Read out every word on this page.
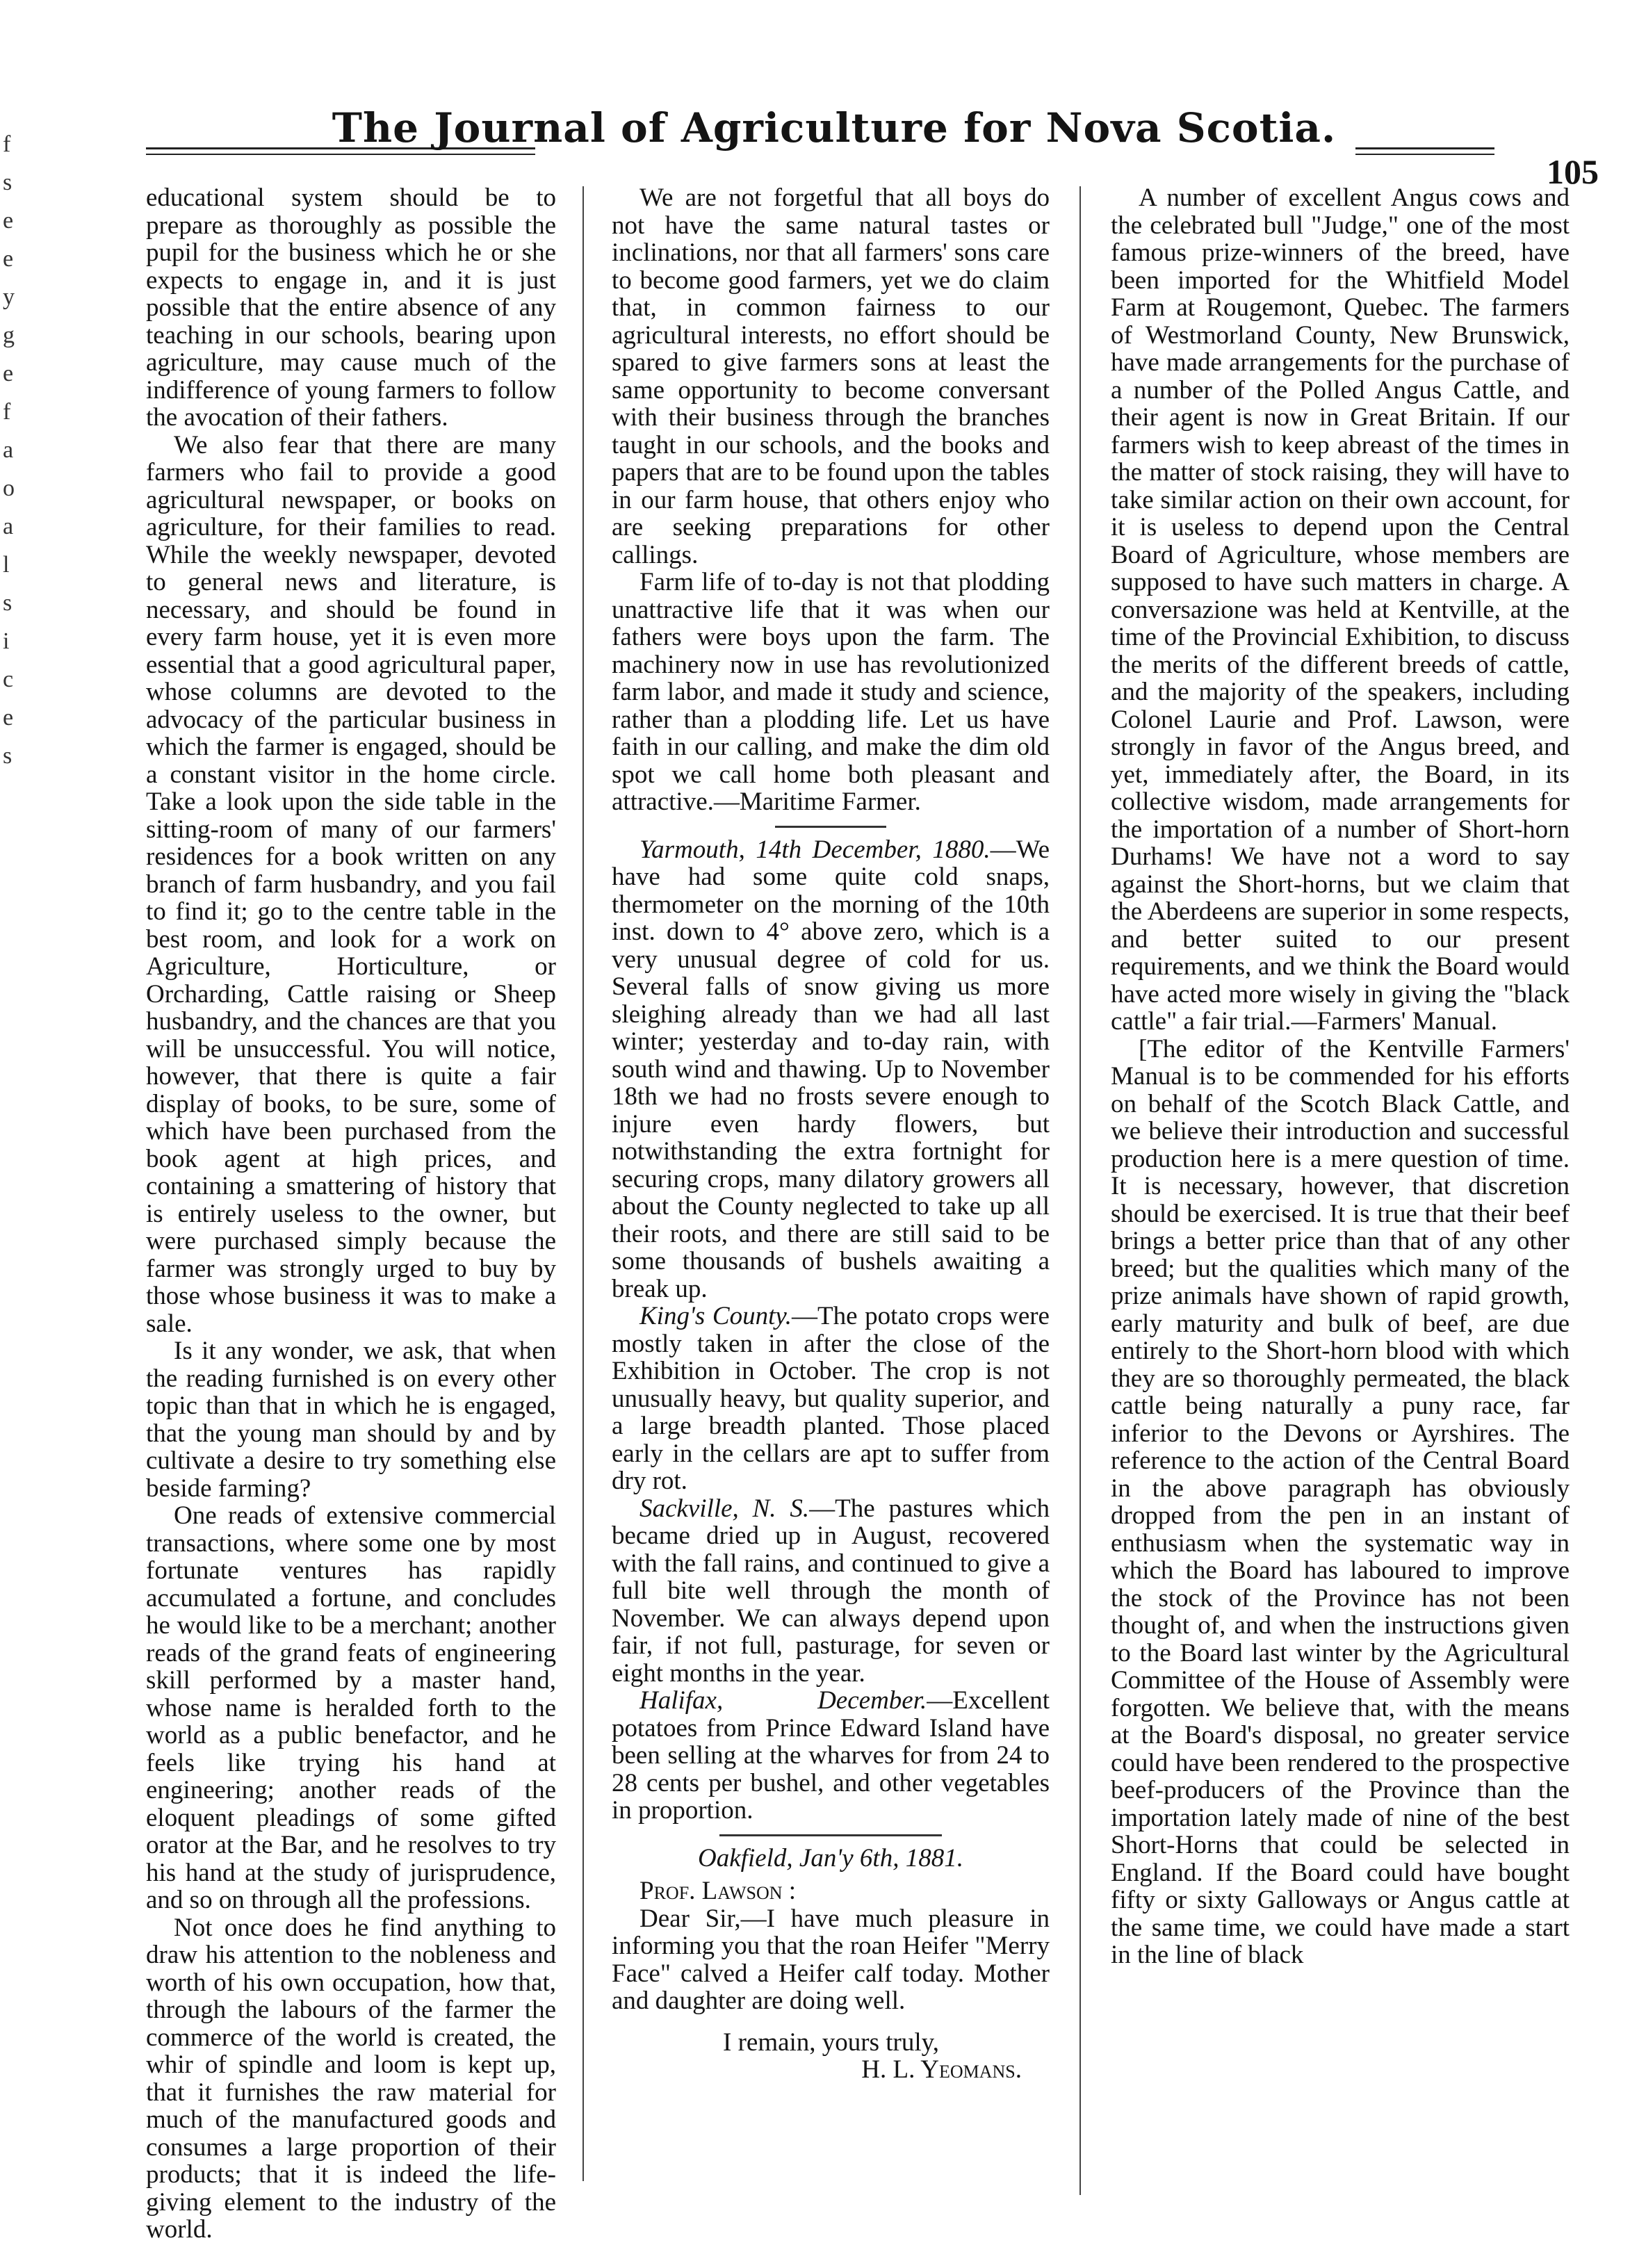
f
s
e
e
y
g
e
f
a
o
a
l
s
i
c
e
s
The Journal of Agriculture for Nova Scotia.
105

educational system should be to prepare as thoroughly as possible the pupil for the business which he or she expects to engage in, and it is just possible that the entire absence of any teaching in our schools, bearing upon agriculture, may cause much of the indifference of young farmers to follow the avocation of their fathers.

We also fear that there are many farmers who fail to provide a good agricultural newspaper, or books on agriculture, for their families to read. While the weekly newspaper, devoted to general news and literature, is necessary, and should be found in every farm house, yet it is even more essential that a good agricultural paper, whose columns are devoted to the advocacy of the particular business in which the farmer is engaged, should be a constant visitor in the home circle. Take a look upon the side table in the sitting-room of many of our farmers' residences for a book written on any branch of farm husbandry, and you fail to find it; go to the centre table in the best room, and look for a work on Agriculture, Horticulture, or Orcharding, Cattle raising or Sheep husbandry, and the chances are that you will be unsuccessful. You will notice, however, that there is quite a fair display of books, to be sure, some of which have been purchased from the book agent at high prices, and containing a smattering of history that is entirely useless to the owner, but were purchased simply because the farmer was strongly urged to buy by those whose business it was to make a sale.

Is it any wonder, we ask, that when the reading furnished is on every other topic than that in which he is engaged, that the young man should by and by cultivate a desire to try something else beside farming?

One reads of extensive commercial transactions, where some one by most fortunate ventures has rapidly accumulated a fortune, and concludes he would like to be a merchant; another reads of the grand feats of engineering skill performed by a master hand, whose name is heralded forth to the world as a public benefactor, and he feels like trying his hand at engineering; another reads of the eloquent pleadings of some gifted orator at the Bar, and he resolves to try his hand at the study of jurisprudence, and so on through all the professions.

Not once does he find anything to draw his attention to the nobleness and worth of his own occupation, how that, through the labours of the farmer the commerce of the world is created, the whir of spindle and loom is kept up, that it furnishes the raw material for much of the manufactured goods and consumes a large proportion of their products; that it is indeed the life-giving element to the industry of the world.

We are not forgetful that all boys do not have the same natural tastes or inclinations, nor that all farmers' sons care to become good farmers, yet we do claim that, in common fairness to our agricultural interests, no effort should be spared to give farmers sons at least the same opportunity to become conversant with their business through the branches taught in our schools, and the books and papers that are to be found upon the tables in our farm house, that others enjoy who are seeking preparations for other callings.

Farm life of to-day is not that plodding unattractive life that it was when our fathers were boys upon the farm. The machinery now in use has revolutionized farm labor, and made it study and science, rather than a plodding life. Let us have faith in our calling, and make the dim old spot we call home both pleasant and attractive.—Maritime Farmer.

Yarmouth, 14th December, 1880.—We have had some quite cold snaps, thermometer on the morning of the 10th inst. down to 4° above zero, which is a very unusual degree of cold for us. Several falls of snow giving us more sleighing already than we had all last winter; yesterday and to-day rain, with south wind and thawing. Up to November 18th we had no frosts severe enough to injure even hardy flowers, but notwithstanding the extra fortnight for securing crops, many dilatory growers all about the County neglected to take up all their roots, and there are still said to be some thousands of bushels awaiting a break up.

King's County.—The potato crops were mostly taken in after the close of the Exhibition in October. The crop is not unusually heavy, but quality superior, and a large breadth planted. Those placed early in the cellars are apt to suffer from dry rot.

Sackville, N. S.—The pastures which became dried up in August, recovered with the fall rains, and continued to give a full bite well through the month of November. We can always depend upon fair, if not full, pasturage, for seven or eight months in the year.

Halifax, December.—Excellent potatoes from Prince Edward Island have been selling at the wharves for from 24 to 28 cents per bushel, and other vegetables in proportion.

Oakfield, Jan'y 6th, 1881.

Prof. Lawson :

Dear Sir,—I have much pleasure in informing you that the roan Heifer "Merry Face" calved a Heifer calf today. Mother and daughter are doing well.

I remain, yours truly,

H. L. Yeomans.

A number of excellent Angus cows and the celebrated bull "Judge," one of the most famous prize-winners of the breed, have been imported for the Whitfield Model Farm at Rougemont, Quebec. The farmers of Westmorland County, New Brunswick, have made arrangements for the purchase of a number of the Polled Angus Cattle, and their agent is now in Great Britain. If our farmers wish to keep abreast of the times in the matter of stock raising, they will have to take similar action on their own account, for it is useless to depend upon the Central Board of Agriculture, whose members are supposed to have such matters in charge. A conversazione was held at Kentville, at the time of the Provincial Exhibition, to discuss the merits of the different breeds of cattle, and the majority of the speakers, including Colonel Laurie and Prof. Lawson, were strongly in favor of the Angus breed, and yet, immediately after, the Board, in its collective wisdom, made arrangements for the importation of a number of Short-horn Durhams! We have not a word to say against the Short-horns, but we claim that the Aberdeens are superior in some respects, and better suited to our present requirements, and we think the Board would have acted more wisely in giving the "black cattle" a fair trial.—Farmers' Manual.

[The editor of the Kentville Farmers' Manual is to be commended for his efforts on behalf of the Scotch Black Cattle, and we believe their introduction and successful production here is a mere question of time. It is necessary, however, that discretion should be exercised. It is true that their beef brings a better price than that of any other breed; but the qualities which many of the prize animals have shown of rapid growth, early maturity and bulk of beef, are due entirely to the Short-horn blood with which they are so thoroughly permeated, the black cattle being naturally a puny race, far inferior to the Devons or Ayrshires. The reference to the action of the Central Board in the above paragraph has obviously dropped from the pen in an instant of enthusiasm when the systematic way in which the Board has laboured to improve the stock of the Province has not been thought of, and when the instructions given to the Board last winter by the Agricultural Committee of the House of Assembly were forgotten. We believe that, with the means at the Board's disposal, no greater service could have been rendered to the prospective beef-producers of the Province than the importation lately made of nine of the best Short-Horns that could be selected in England. If the Board could have bought fifty or sixty Galloways or Angus cattle at the same time, we could have made a start in the line of black
